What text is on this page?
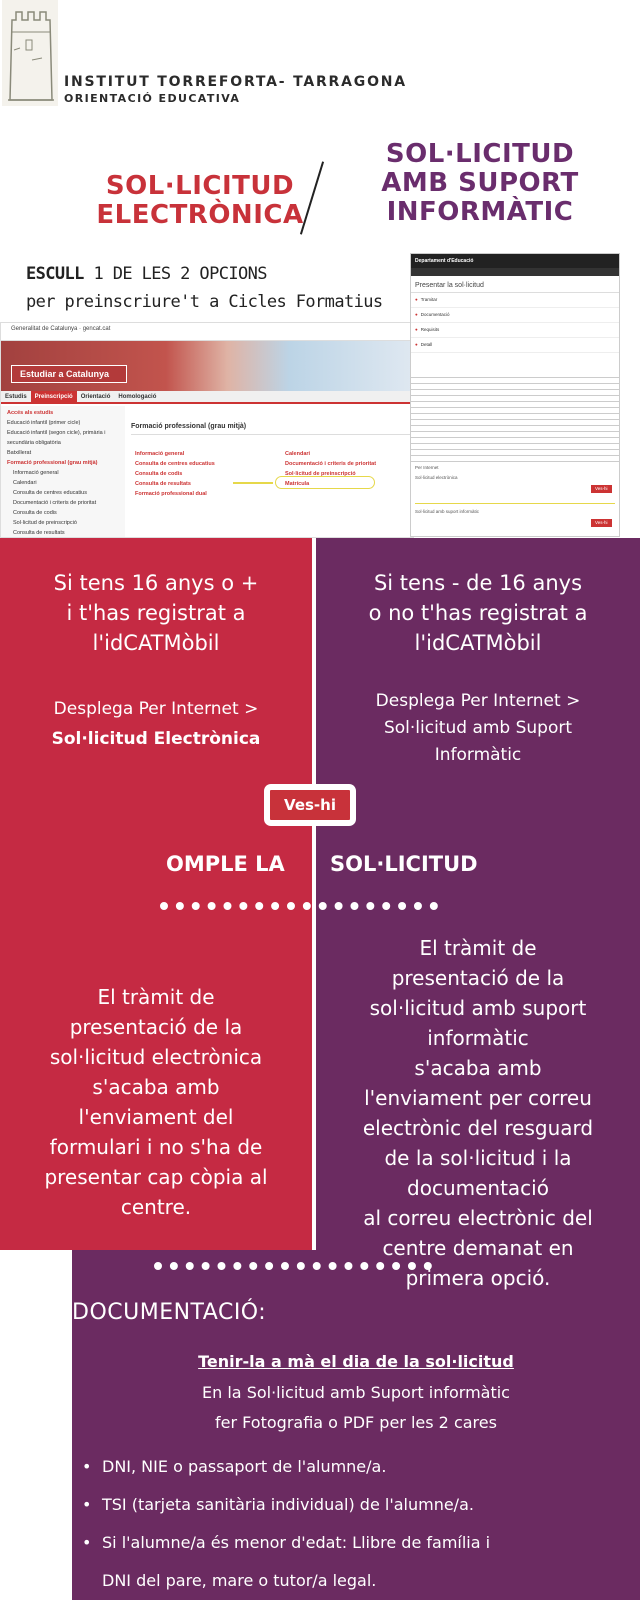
INSTITUT TORREFORTA- TARRAGONA
ORIENTACIÓ EDUCATIVA
SOL·LICITUD
ELECTRÒNICA
SOL·LICITUD
AMB SUPORT
INFORMÀTIC
ESCULL 1 DE LES 2 OPCIONS
per preinscriure't a Cicles Formatius
Generalitat de Catalunya · gencat.cat
Estudiar a Catalunya
Estudis Preinscripció Orientació Homologació
Accés als estudis
Educació infantil (primer cicle)
Educació infantil (segon cicle), primària i secundària obligatòria
Batxillerat
Formació professional (grau mitjà)
Informació general
Calendari
Consulta de centres educatius
Documentació i criteris de prioritat
Consulta de codis
Sol·licitud de preinscripció
Consulta de resultats
Formació professional (grau mitjà)
Informació general
Consulta de centres educatius
Consulta de codis
Consulta de resultats
Formació professional dual
Calendari
Documentació i criteris de prioritat
Sol·licitud de preinscripció
Matrícula
Departament d'Educació
Presentar la sol·licitud
● Tramitar
● Documentació
● Requisits
● Detall
Per Internet
Sol·licitud electrònica
Ves-hi
Sol·licitud amb suport informàtic
Ves-hi
Si tens 16 anys o +
i t'has registrat a
l'idCATMòbil
Si tens - de 16 anys
o no t'has registrat a
l'idCATMòbil
Desplega Per Internet >
Sol·licitud Electrònica
Desplega Per Internet >
Sol·licitud amb Suport
Informàtic
Ves-hi
OMPLE LA SOL·LICITUD
El tràmit de
presentació de la
sol·licitud electrònica
s'acaba amb
l'enviament del
formulari i no s'ha de
presentar cap còpia al
centre.
El tràmit de
presentació de la
sol·licitud amb suport
informàtic
s'acaba amb
l'enviament per correu
electrònic del resguard
de la sol·licitud i la
documentació
al correu electrònic del
centre demanat en
primera opció.
DOCUMENTACIÓ:
Tenir-la a mà el dia de la sol·licitud
En la Sol·licitud amb Suport informàtic
fer Fotografia o PDF per les 2 cares
• DNI, NIE o passaport de l'alumne/a.
• TSI (tarjeta sanitària individual) de l'alumne/a.
• Si l'alumne/a és menor d'edat: Llibre de família i
DNI del pare, mare o tutor/a legal.
